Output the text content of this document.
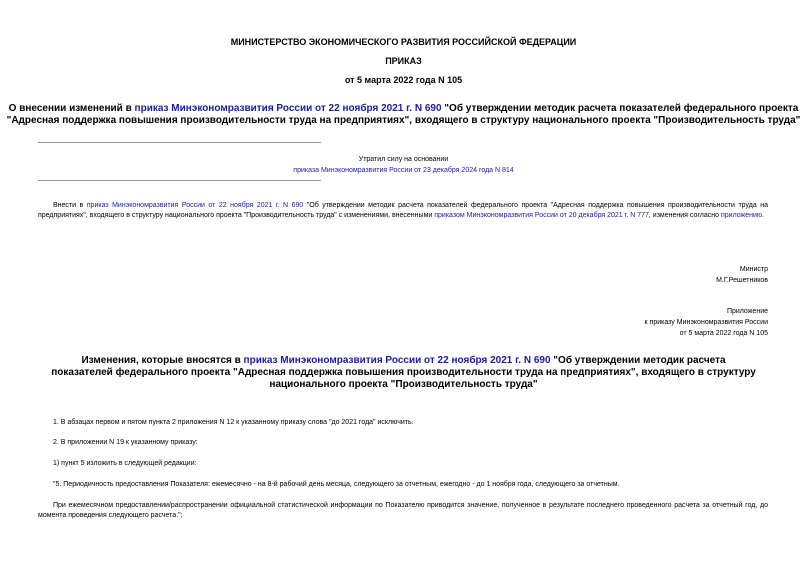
МИНИСТЕРСТВО ЭКОНОМИЧЕСКОГО РАЗВИТИЯ РОССИЙСКОЙ ФЕДЕРАЦИИ
ПРИКАЗ
от 5 марта 2022 года N 105
О внесении изменений в приказ Минэкономразвития России от 22 ноября 2021 г. N 690 "Об утверждении методик расчета показателей федерального проекта "Адресная поддержка повышения производительности труда на предприятиях", входящего в структуру национального проекта "Производительность труда"
Утратил силу на основании
приказа Минэкономразвития России от 23 декабря 2024 года N 814
Внести в приказ Минэкономразвития России от 22 ноября 2021 г. N 690 "Об утверждении методик расчета показателей федерального проекта "Адресная поддержка повышения производительности труда на предприятиях", входящего в структуру национального проекта "Производительность труда" с изменениями, внесенными приказом Минэкономразвития России от 20 декабря 2021 г. N 777, изменения согласно приложению.
Министр
М.Г.Решетников
Приложение
к приказу Минэкономразвития России
от 5 марта 2022 года N 105
Изменения, которые вносятся в приказ Минэкономразвития России от 22 ноября 2021 г. N 690 "Об утверждении методик расчета показателей федерального проекта "Адресная поддержка повышения производительности труда на предприятиях", входящего в структуру национального проекта "Производительность труда"
1. В абзацах первом и пятом пункта 2 приложения N 12 к указанному приказу слова "до 2021 года" исключить.
2. В приложении N 19 к указанному приказу:
1) пункт 5 изложить в следующей редакции:
"5. Периодичность предоставления Показателя: ежемесячно - на 8-й рабочий день месяца, следующего за отчетным, ежегодно - до 1 ноября года, следующего за отчетным.
При ежемесячном предоставлении/распространении официальной статистической информации по Показателю приводится значение, полученное в результате последнего проведенного расчета за отчетный год, до момента проведения следующего расчета.";
